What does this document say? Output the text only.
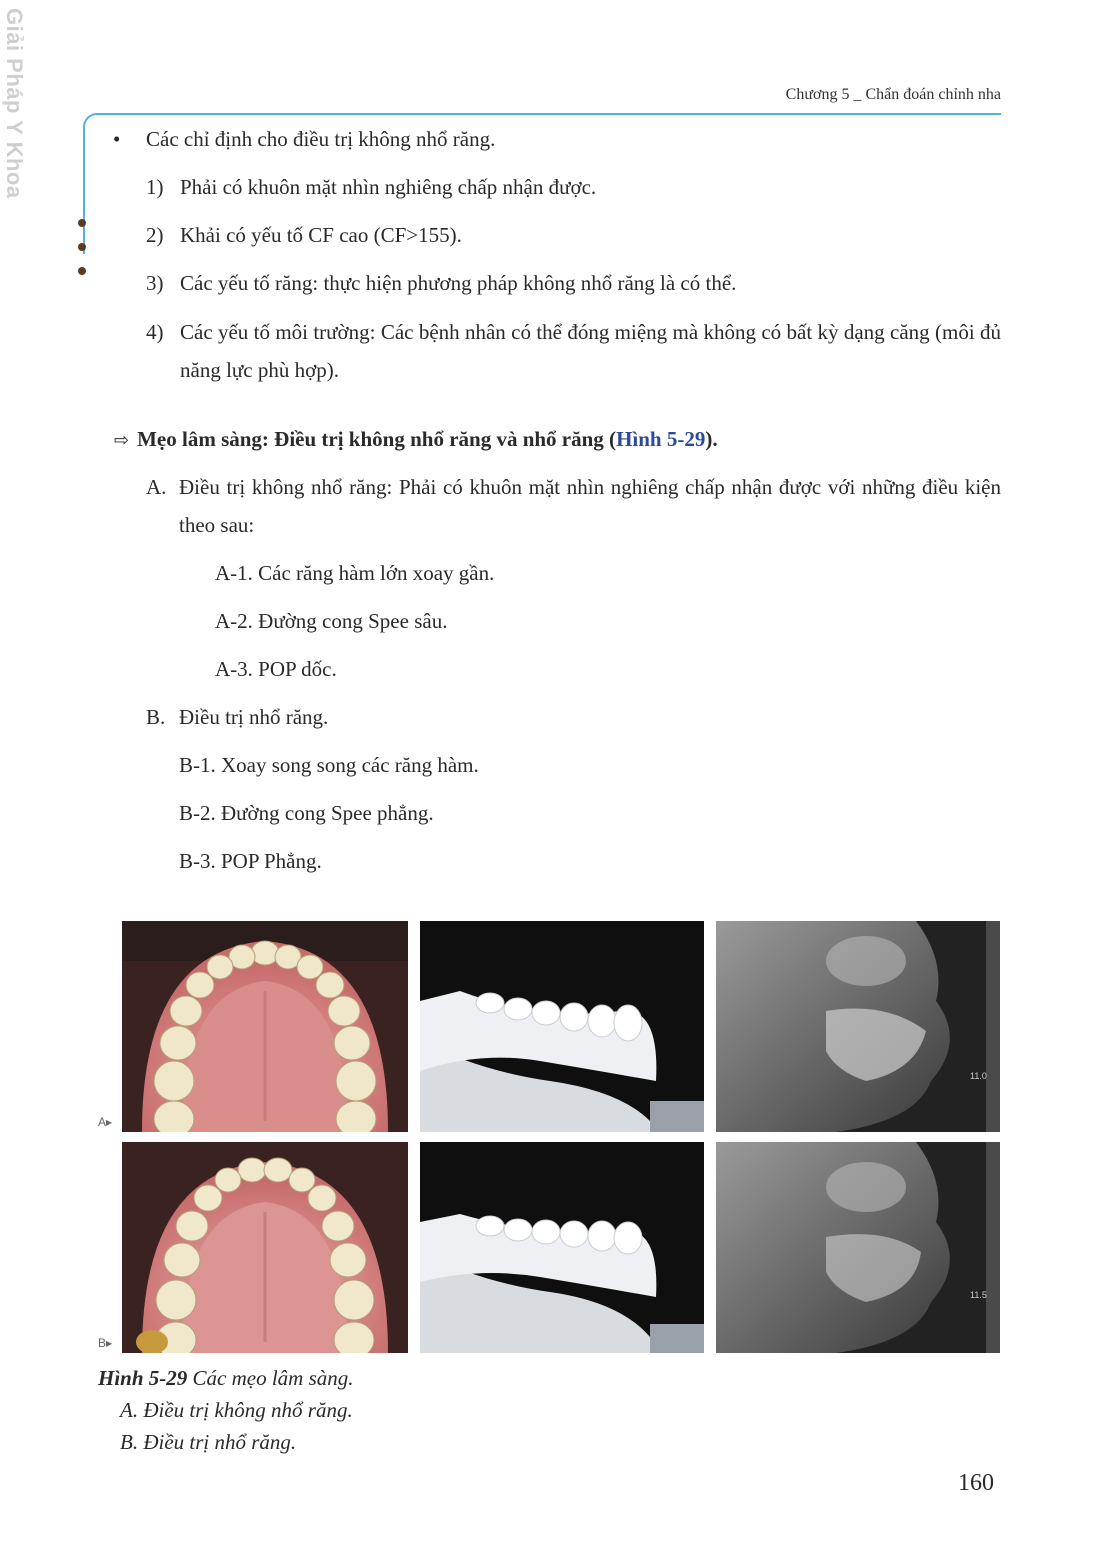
Giải Pháp Y Khoa	Chương 5 _ Chẩn đoán chỉnh nha
• Các chỉ định cho điều trị không nhổ răng.
1) Phải có khuôn mặt nhìn nghiêng chấp nhận được.
2) Khải có yếu tố CF cao (CF>155).
3) Các yếu tố răng: thực hiện phương pháp không nhổ răng là có thể.
4) Các yếu tố môi trường: Các bệnh nhân có thể đóng miệng mà không có bất kỳ dạng căng (môi đủ năng lực phù hợp).
⇨ Mẹo lâm sàng: Điều trị không nhổ răng và nhổ răng (Hình 5-29).
A. Điều trị không nhổ răng: Phải có khuôn mặt nhìn nghiêng chấp nhận được với những điều kiện theo sau:
A-1. Các răng hàm lớn xoay gần.
A-2. Đường cong Spee sâu.
A-3. POP dốc.
B. Điều trị nhổ răng.
B-1. Xoay song song các răng hàm.
B-2. Đường cong Spee phẳng.
B-3. POP Phẳng.
11.0
A▸
11.5
B▸
Hình 5-29 Các mẹo lâm sàng.
A. Điều trị không nhổ răng.
B. Điều trị nhổ răng.
160
